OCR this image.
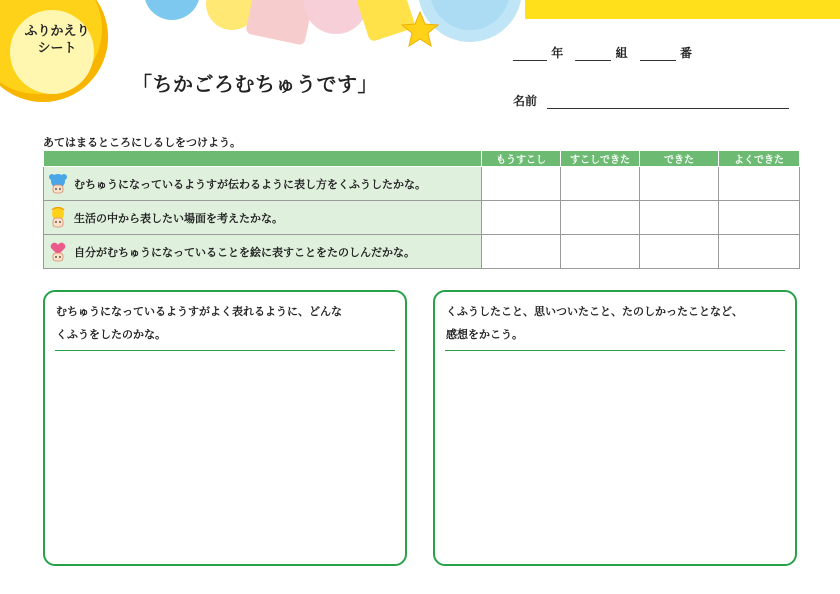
ふりかえり
シート
「ちかごろむちゅうです」
年	組	番
名前
あてはまるところにしるしをつけよう。
	もうすこし	すこしできた	できた	よくできた

むちゅうになっているようすが伝わるように表し方をくふうしたかな。				

生活の中から表したい場面を考えたかな。				

自分がむちゅうになっていることを絵に表すことをたのしんだかな。				

むちゅうになっているようすがよく表れるように、どんな
くふうをしたのかな。
くふうしたこと、思いついたこと、たのしかったことなど、
感想をかこう。
